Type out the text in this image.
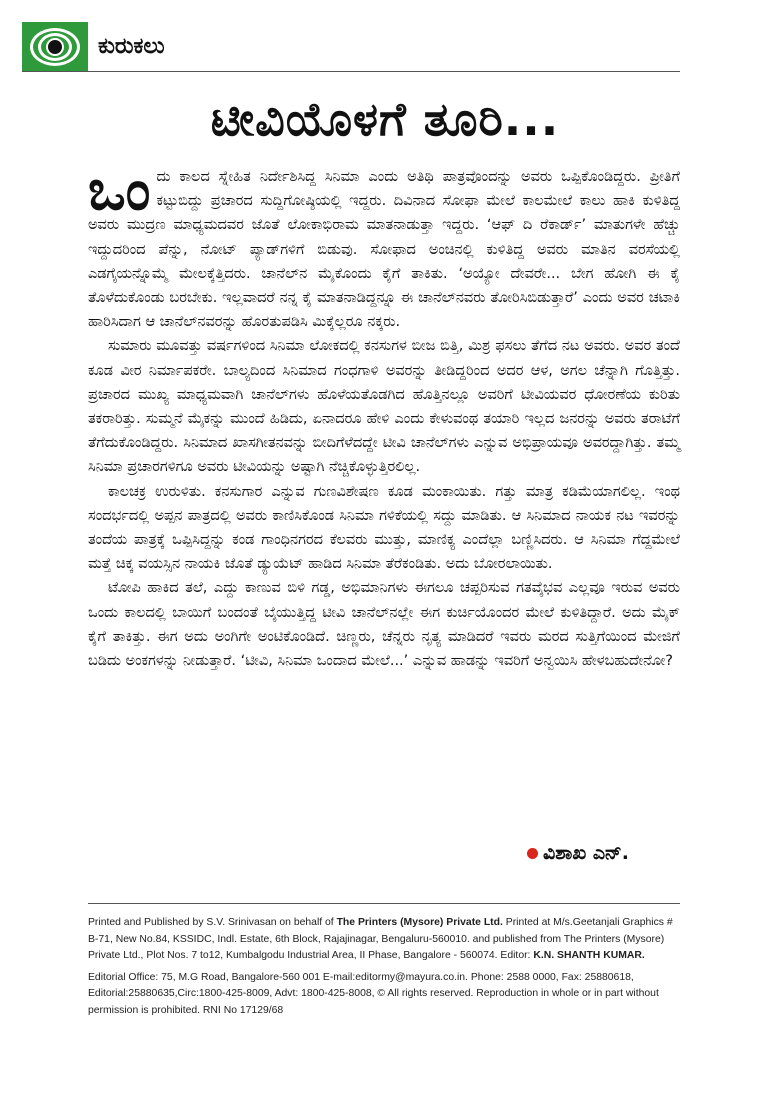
ಕುರುಕಲು
ಟೀವಿಯೊಳಗೆ ತೂರಿ...
ಒಂ ದು ಕಾಲದ ಸ್ನೇಹಿತ ನಿರ್ದೇಶಿಸಿದ್ದ ಸಿನಿಮಾ ಎಂದು ಅತಿಥಿ ಪಾತ್ರವೊಂದನ್ನು ಅವರು ಒಪ್ಪಿಕೊಂಡಿದ್ದರು. ಪ್ರೀತಿಗೆ ಕಟ್ಟುಬಿದ್ದು ಪ್ರಚಾರದ ಸುದ್ದಿಗೋಷ್ಠಿಯಲ್ಲಿ ಇದ್ದರು. ದಿವಿನಾದ ಸೋಫಾ ಮೇಲೆ ಕಾಲಮೇಲೆ ಕಾಲು ಹಾಕಿ ಕುಳಿತಿದ್ದ ಅವರು ಮುದ್ರಣ ಮಾಧ್ಯಮದವರ ಜೊತೆ ಲೋಕಾಭಿರಾಮ ಮಾತನಾಡುತ್ತಾ ಇದ್ದರು. ‘ಆಫ್ ದಿ ರೆಕಾರ್ಡ್’ ಮಾತುಗಳೇ ಹೆಚ್ಚು ಇದ್ದುದರಿಂದ ಪೆನ್ನು, ನೋಟ್ ಪ್ಯಾಡ್‌ಗಳಿಗೆ ಬಿಡುವು. ಸೋಫಾದ ಅಂಚಿನಲ್ಲಿ ಕುಳಿತಿದ್ದ ಅವರು ಮಾತಿನ ವರಸೆಯಲ್ಲಿ ಎಡಗೈಯನ್ನೊಮ್ಮೆ ಮೇಲಕ್ಕೆತ್ತಿದರು. ಚಾನೆಲ್‌ನ ಮೈಕೊಂದು ಕೈಗೆ ತಾಕಿತು. ‘ಅಯ್ಯೋ ದೇವರೇ... ಬೇಗ ಹೋಗಿ ಈ ಕೈ ತೊಳೆದುಕೊಂಡು ಬರಬೇಕು. ಇಲ್ಲವಾದರೆ ನನ್ನ ಕೈ ಮಾತನಾಡಿದ್ದನ್ನೂ ಈ ಚಾನೆಲ್‌ನವರು ತೋರಿಸಿಬಿಡುತ್ತಾರೆ’ ಎಂದು ಅವರ ಚಟಾಕಿ ಹಾರಿಸಿದಾಗ ಆ ಚಾನೆಲ್‌ನವರನ್ನು ಹೊರತುಪಡಿಸಿ ಮಿಕ್ಕೆಲ್ಲರೂ ನಕ್ಕರು.

ಸುಮಾರು ಮೂವತ್ತು ವರ್ಷಗಳಿಂದ ಸಿನಿಮಾ ಲೋಕದಲ್ಲಿ ಕನಸುಗಳ ಬೀಜ ಬಿತ್ತಿ, ಮಿಶ್ರ ಫಸಲು ತೆಗೆದ ನಟ ಅವರು. ಅವರ ತಂದೆ ಕೂಡ ವೀರ ನಿರ್ಮಾಪಕರೇ. ಬಾಲ್ಯದಿಂದ ಸಿನಿಮಾದ ಗಂಧಗಾಳಿ ಅವರನ್ನು ತೀಡಿದ್ದರಿಂದ ಅದರ ಆಳ, ಅಗಲ ಚೆನ್ನಾಗಿ ಗೊತ್ತಿತ್ತು. ಪ್ರಚಾರದ ಮುಖ್ಯ ಮಾಧ್ಯಮವಾಗಿ ಚಾನೆಲ್‌ಗಳು ಹೊಳೆಯತೊಡಗಿದ ಹೊತ್ತಿನಲ್ಲೂ ಅವರಿಗೆ ಟೀವಿಯವರ ಧೋರಣೆಯ ಕುರಿತು ತಕರಾರಿತ್ತು. ಸುಮ್ಮನೆ ಮೈಕನ್ನು ಮುಂದೆ ಹಿಡಿದು, ಏನಾದರೂ ಹೇಳಿ ಎಂದು ಕೇಳುವಂಥ ತಯಾರಿ ಇಲ್ಲದ ಜನರನ್ನು ಅವರು ತರಾಟೆಗೆ ತೆಗೆದುಕೊಂಡಿದ್ದರು. ಸಿನಿಮಾದ ಖಾಸಗೀತನವನ್ನು ಬೀದಿಗೆಳೆದದ್ದೇ ಟೀವಿ ಚಾನೆಲ್‌ಗಳು ಎನ್ನುವ ಅಭಿಪ್ರಾಯವೂ ಅವರದ್ದಾಗಿತ್ತು. ತಮ್ಮ ಸಿನಿಮಾ ಪ್ರಚಾರಗಳಿಗೂ ಅವರು ಟೀವಿಯನ್ನು ಅಷ್ಟಾಗಿ ನೆಚ್ಚಿಕೊಳ್ಳುತ್ತಿರಲಿಲ್ಲ.

ಕಾಲಚಕ್ರ ಉರುಳಿತು. ಕನಸುಗಾರ ಎನ್ನುವ ಗುಣವಿಶೇಷಣ ಕೂಡ ಮಂಕಾಯಿತು. ಗತ್ತು ಮಾತ್ರ ಕಡಿಮೆಯಾಗಲಿಲ್ಲ. ಇಂಥ ಸಂದರ್ಭದಲ್ಲಿ ಅಪ್ಪನ ಪಾತ್ರದಲ್ಲಿ ಅವರು ಕಾಣಿಸಿಕೊಂಡ ಸಿನಿಮಾ ಗಳಿಕೆಯಲ್ಲಿ ಸದ್ದು ಮಾಡಿತು. ಆ ಸಿನಿಮಾದ ನಾಯಕ ನಟ ಇವರನ್ನು ತಂದೆಯ ಪಾತ್ರಕ್ಕೆ ಒಪ್ಪಿಸಿದ್ದನ್ನು ಕಂಡ ಗಾಂಧಿನಗರದ ಕೆಲವರು ಮುತ್ತು, ಮಾಣಿಕ್ಯ ಎಂದೆಲ್ಲಾ ಬಣ್ಣಿಸಿದರು. ಆ ಸಿನಿಮಾ ಗೆದ್ದಮೇಲೆ ಮತ್ತೆ ಚಿಕ್ಕ ವಯಸ್ಸಿನ ನಾಯಕಿ ಜೊತೆ ಡ್ಯುಯೆಟ್ ಹಾಡಿದ ಸಿನಿಮಾ ತೆರೆಕಂಡಿತು. ಅದು ಬೋರಲಾಯಿತು.

ಟೋಪಿ ಹಾಕಿದ ತಲೆ, ಎದ್ದು ಕಾಣುವ ಬಿಳಿ ಗಡ್ಡ, ಅಭಿಮಾನಿಗಳು ಈಗಲೂ ಚಪ್ಪರಿಸುವ ಗತವೈಭವ ಎಲ್ಲವೂ ಇರುವ ಅವರು ಒಂದು ಕಾಲದಲ್ಲಿ ಬಾಯಿಗೆ ಬಂದಂತೆ ಬೈಯುತ್ತಿದ್ದ ಟೀವಿ ಚಾನೆಲ್‌ನಲ್ಲೇ ಈಗ ಕುರ್ಚಿಯೊಂದರ ಮೇಲೆ ಕುಳಿತಿದ್ದಾರೆ. ಅದು ಮೈಕ್ ಕೈಗೆ ತಾಕಿತ್ತು. ಈಗ ಅದು ಅಂಗಿಗೇ ಅಂಟಿಕೊಂಡಿದೆ. ಚಿಣ್ಣರು, ಚೆನ್ನರು ನೃತ್ಯ ಮಾಡಿದರೆ ಇವರು ಮರದ ಸುತ್ತಿಗೆಯಿಂದ ಮೇಜಿಗೆ ಬಡಿದು ಅಂಕಗಳನ್ನು ನೀಡುತ್ತಾರೆ. ‘ಟೀವಿ, ಸಿನಿಮಾ ಒಂದಾದ ಮೇಲೆ...’ ಎನ್ನುವ ಹಾಡನ್ನು ಇವರಿಗೆ ಅನ್ವಯಿಸಿ ಹೇಳಬಹುದೇನೋ?

ವಿಶಾಖ ಎನ್.

Printed and Published by S.V. Srinivasan on behalf of The Printers (Mysore) Private Ltd. Printed at M/s.Geetanjali Graphics # B-71, New No.84, KSSIDC, Indl. Estate, 6th Block, Rajajinagar, Bengaluru-560010. and published from The Printers (Mysore) Private Ltd., Plot Nos. 7 to12, Kumbalgodu Industrial Area, II Phase, Bangalore - 560074. Editor: K.N. SHANTH KUMAR.

Editorial Office: 75, M.G Road, Bangalore-560 001 E-mail:editormy@mayura.co.in. Phone: 2588 0000, Fax: 25880618, Editorial:25880635,Circ:1800-425-8009, Advt: 1800-425-8008, © All rights reserved. Reproduction in whole or in part without permission is prohibited. RNI No 17129/68
